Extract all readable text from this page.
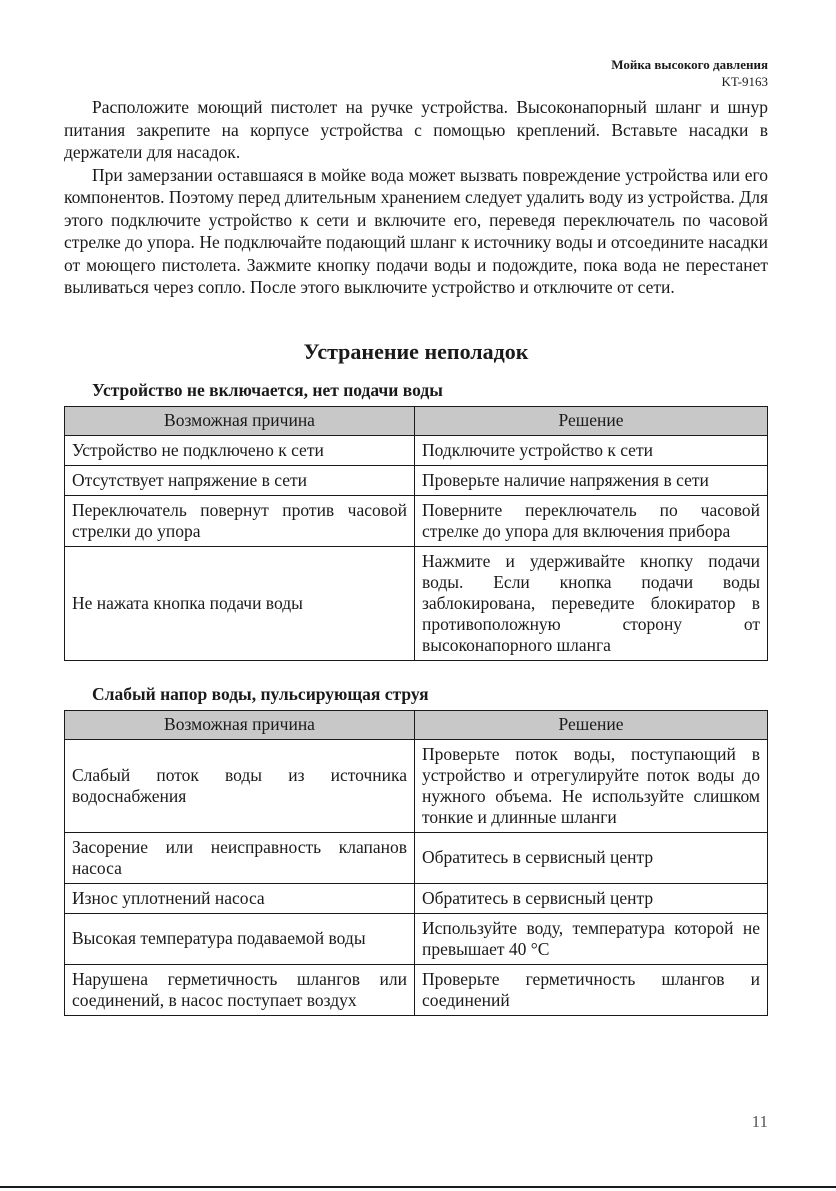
Мойка высокого давления
KT-9163

Расположите моющий пистолет на ручке устройства. Высоконапорный шланг и шнур питания закрепите на корпусе устройства с помощью креплений. Вставьте насадки в держатели для насадок.

При замерзании оставшаяся в мойке вода может вызвать повреждение устройства или его компонентов. Поэтому перед длительным хранением следует удалить воду из устройства. Для этого подключите устройство к сети и включите его, переведя переключатель по часовой стрелке до упора. Не подключайте подающий шланг к источнику воды и отсоедините насадки от моющего пистолета. Зажмите кнопку подачи воды и подождите, пока вода не перестанет выливаться через сопло. После этого выключите устройство и отключите от сети.

Устранение неполадок
Устройство не включается, нет подачи воды
Возможная причина	Решение
Устройство не подключено к сети	Подключите устройство к сети
Отсутствует напряжение в сети	Проверьте наличие напряжения в сети
Переключатель повернут против часовой стрелки до упора	Поверните переключатель по часовой стрелке до упора для включения прибора
Не нажата кнопка подачи воды	Нажмите и удерживайте кнопку подачи воды. Если кнопка подачи воды заблокирована, переведите блокиратор в противоположную сторону от высоконапорного шланга
Слабый напор воды, пульсирующая струя
Возможная причина	Решение
Слабый поток воды из источника водоснабжения	Проверьте поток воды, поступающий в устройство и отрегулируйте поток воды до нужного объема. Не используйте слишком тонкие и длинные шланги
Засорение или неисправность клапанов насоса	Обратитесь в сервисный центр
Износ уплотнений насоса	Обратитесь в сервисный центр
Высокая температура подаваемой воды	Используйте воду, температура которой не превышает 40 °C
Нарушена герметичность шлангов или соединений, в насос поступает воздух	Проверьте герметичность шлангов и соединений
11
